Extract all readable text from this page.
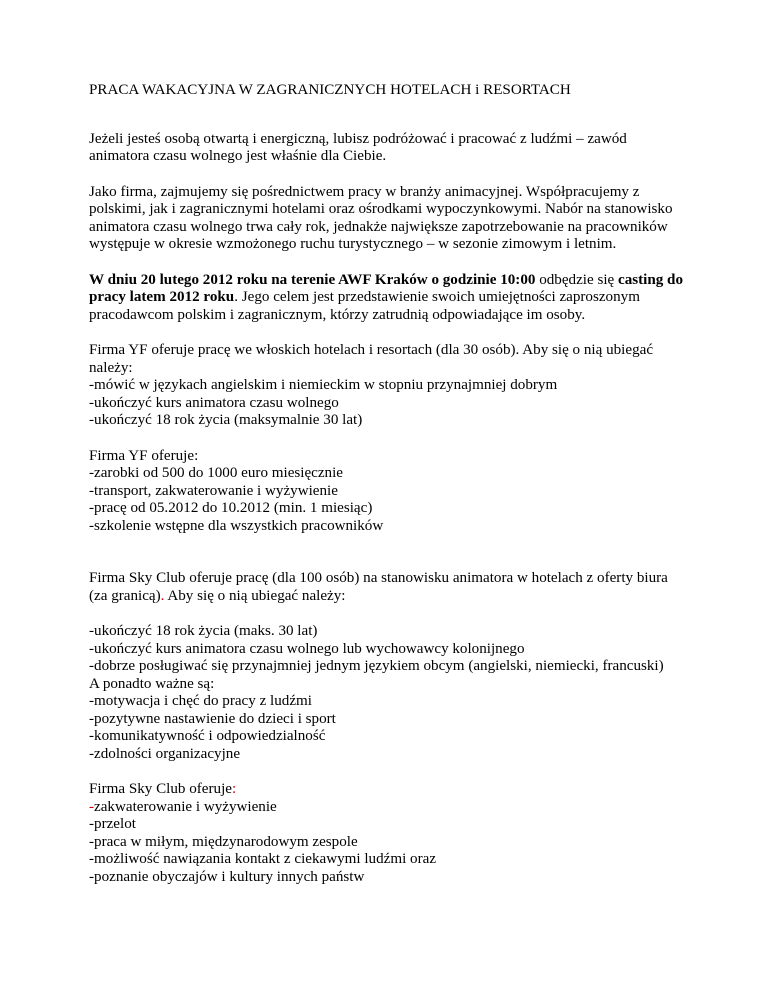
PRACA WAKACYJNA W ZAGRANICZNYCH HOTELACH i RESORTACH

Jeżeli jesteś osobą otwartą i energiczną, lubisz podróżować i pracować z ludźmi – zawód animatora czasu wolnego jest właśnie dla Ciebie.

Jako firma, zajmujemy się pośrednictwem pracy w branży animacyjnej. Współpracujemy z polskimi, jak i zagranicznymi hotelami oraz ośrodkami wypoczynkowymi. Nabór na stanowisko animatora czasu wolnego trwa cały rok, jednakże największe zapotrzebowanie na pracowników występuje w okresie wzmożonego ruchu turystycznego – w sezonie zimowym i letnim.

W dniu 20 lutego 2012 roku na terenie AWF Kraków o godzinie 10:00 odbędzie się casting do pracy latem 2012 roku. Jego celem jest przedstawienie swoich umiejętności zaproszonym pracodawcom polskim i zagranicznym, którzy zatrudnią odpowiadające im osoby.

Firma YF oferuje pracę we włoskich hotelach i resortach (dla 30 osób). Aby się o nią ubiegać należy:
-mówić w językach angielskim i niemieckim w stopniu przynajmniej dobrym
-ukończyć kurs animatora czasu wolnego
-ukończyć 18 rok życia (maksymalnie 30 lat)

Firma YF oferuje:
-zarobki od 500 do 1000 euro miesięcznie
-transport, zakwaterowanie i wyżywienie
-pracę od 05.2012 do 10.2012 (min. 1 miesiąc)
-szkolenie wstępne dla wszystkich pracowników

Firma Sky Club oferuje pracę (dla 100 osób) na stanowisku animatora w hotelach z oferty biura (za granicą). Aby się o nią ubiegać należy:

-ukończyć 18 rok życia (maks. 30 lat)
-ukończyć kurs animatora czasu wolnego lub wychowawcy kolonijnego
-dobrze posługiwać się przynajmniej jednym językiem obcym (angielski, niemiecki, francuski)
A ponadto ważne są:
-motywacja i chęć do pracy z ludźmi
-pozytywne nastawienie do dzieci i sport
-komunikatywność i odpowiedzialność
-zdolności organizacyjne

Firma Sky Club oferuje:
-zakwaterowanie i wyżywienie
-przelot
-praca w miłym, międzynarodowym zespole
-możliwość nawiązania kontakt z ciekawymi ludźmi oraz
-poznanie obyczajów i kultury innych państw
